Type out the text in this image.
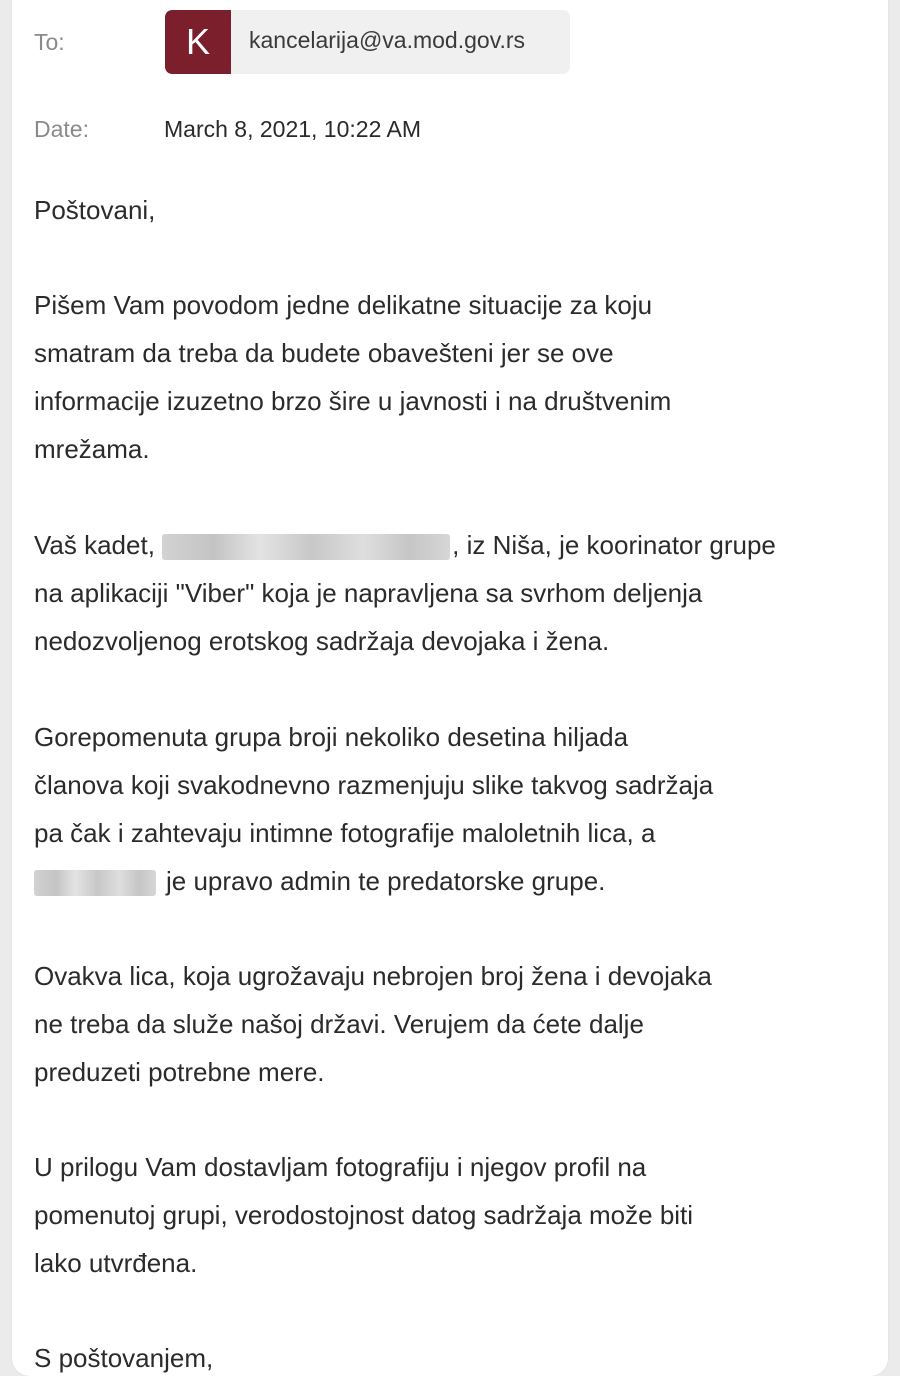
To:	K	kancelarija@va.mod.gov.rs
Date:	March 8, 2021, 10:22 AM
Poštovani,
Pišem Vam povodom jedne delikatne situacije za koju
smatram da treba da budete obavešteni jer se ove
informacije izuzetno brzo šire u javnosti i na društvenim
mrežama.
Vaš kadet,	, iz Niša, je koorinator grupe
na aplikaciji "Viber" koja je napravljena sa svrhom deljenja
nedozvoljenog erotskog sadržaja devojaka i žena.
Gorepomenuta grupa broji nekoliko desetina hiljada
članova koji svakodnevno razmenjuju slike takvog sadržaja
pa čak i zahtevaju intimne fotografije maloletnih lica, a
je upravo admin te predatorske grupe.
Ovakva lica, koja ugrožavaju nebrojen broj žena i devojaka
ne treba da služe našoj državi. Verujem da ćete dalje
preduzeti potrebne mere.
U prilogu Vam dostavljam fotografiju i njegov profil na
pomenutoj grupi, verodostojnost datog sadržaja može biti
lako utvrđena.
S poštovanjem,
